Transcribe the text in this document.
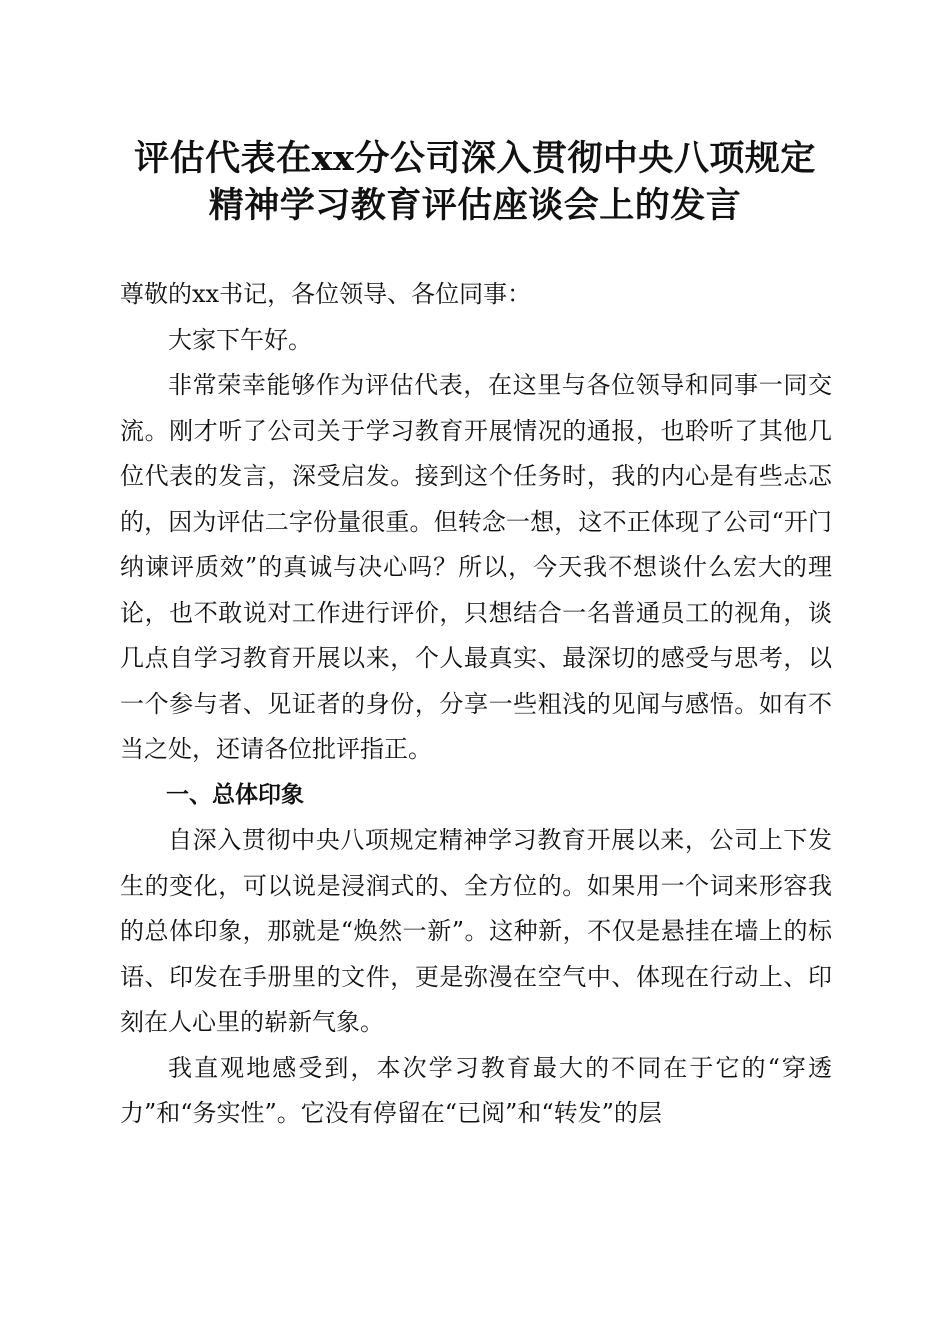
评估代表在xx分公司深入贯彻中央八项规定
精神学习教育评估座谈会上的发言

尊敬的xx书记，各位领导、各位同事：

大家下午好。

非常荣幸能够作为评估代表，在这里与各位领导和同事一同交流。刚才听了公司关于学习教育开展情况的通报，也聆听了其他几位代表的发言，深受启发。接到这个任务时，我的内心是有些忐忑的，因为评估二字份量很重。但转念一想，这不正体现了公司“开门纳谏评质效”的真诚与决心吗？所以，今天我不想谈什么宏大的理论，也不敢说对工作进行评价，只想结合一名普通员工的视角，谈几点自学习教育开展以来，个人最真实、最深切的感受与思考，以一个参与者、见证者的身份，分享一些粗浅的见闻与感悟。如有不当之处，还请各位批评指正。

一、总体印象

自深入贯彻中央八项规定精神学习教育开展以来，公司上下发生的变化，可以说是浸润式的、全方位的。如果用一个词来形容我的总体印象，那就是“焕然一新”。这种新，不仅是悬挂在墙上的标语、印发在手册里的文件，更是弥漫在空气中、体现在行动上、印刻在人心里的崭新气象。

我直观地感受到，本次学习教育最大的不同在于它的“穿透力”和“务实性”。它没有停留在“已阅”和“转发”的层
